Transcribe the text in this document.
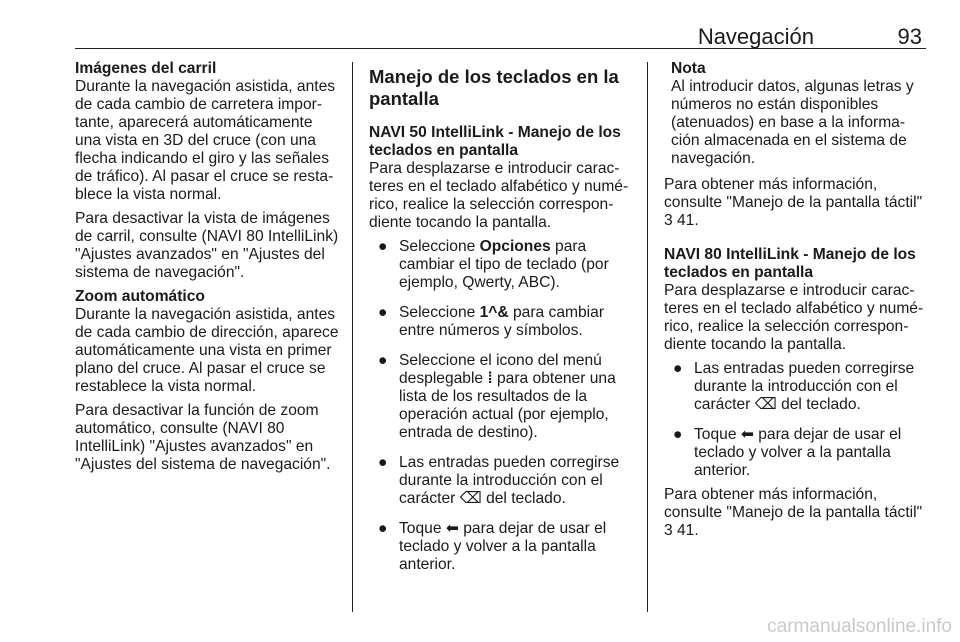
Navegación	93
Imágenes del carril

Durante la navegación asistida, antes de cada cambio de carretera importante, aparecerá automáticamente una vista en 3D del cruce (con una flecha indicando el giro y las señales de tráfico). Al pasar el cruce se restablece la vista normal.

Para desactivar la vista de imágenes de carril, consulte (NAVI 80 IntelliLink) "Ajustes avanzados" en "Ajustes del sistema de navegación".

Zoom automático

Durante la navegación asistida, antes de cada cambio de dirección, aparece automáticamente una vista en primer plano del cruce. Al pasar el cruce se restablece la vista normal.

Para desactivar la función de zoom automático, consulte (NAVI 80 IntelliLink) "Ajustes avanzados" en "Ajustes del sistema de navegación".

Manejo de los teclados en la pantalla
NAVI 50 IntelliLink - Manejo de los teclados en pantalla

Para desplazarse e introducir caracteres en el teclado alfabético y numérico, realice la selección correspondiente tocando la pantalla.

● Seleccione Opciones para cambiar el tipo de teclado (por ejemplo, Qwerty, ABC).
● Seleccione 1^& para cambiar entre números y símbolos.
● Seleccione el icono del menú desplegable ⁞ para obtener una lista de los resultados de la operación actual (por ejemplo, entrada de destino).
● Las entradas pueden corregirse durante la introducción con el carácter ⌫ del teclado.
● Toque ⬅ para dejar de usar el teclado y volver a la pantalla anterior.
Nota
Al introducir datos, algunas letras y números no están disponibles (atenuados) en base a la información almacenada en el sistema de navegación.

Para obtener más información, consulte "Manejo de la pantalla táctil"
3 41.

NAVI 80 IntelliLink - Manejo de los teclados en pantalla

Para desplazarse e introducir caracteres en el teclado alfabético y numérico, realice la selección correspondiente tocando la pantalla.

● Las entradas pueden corregirse durante la introducción con el carácter ⌫ del teclado.
● Toque ⬅ para dejar de usar el teclado y volver a la pantalla anterior.

Para obtener más información, consulte "Manejo de la pantalla táctil"
3 41.

carmanualsonline.info
